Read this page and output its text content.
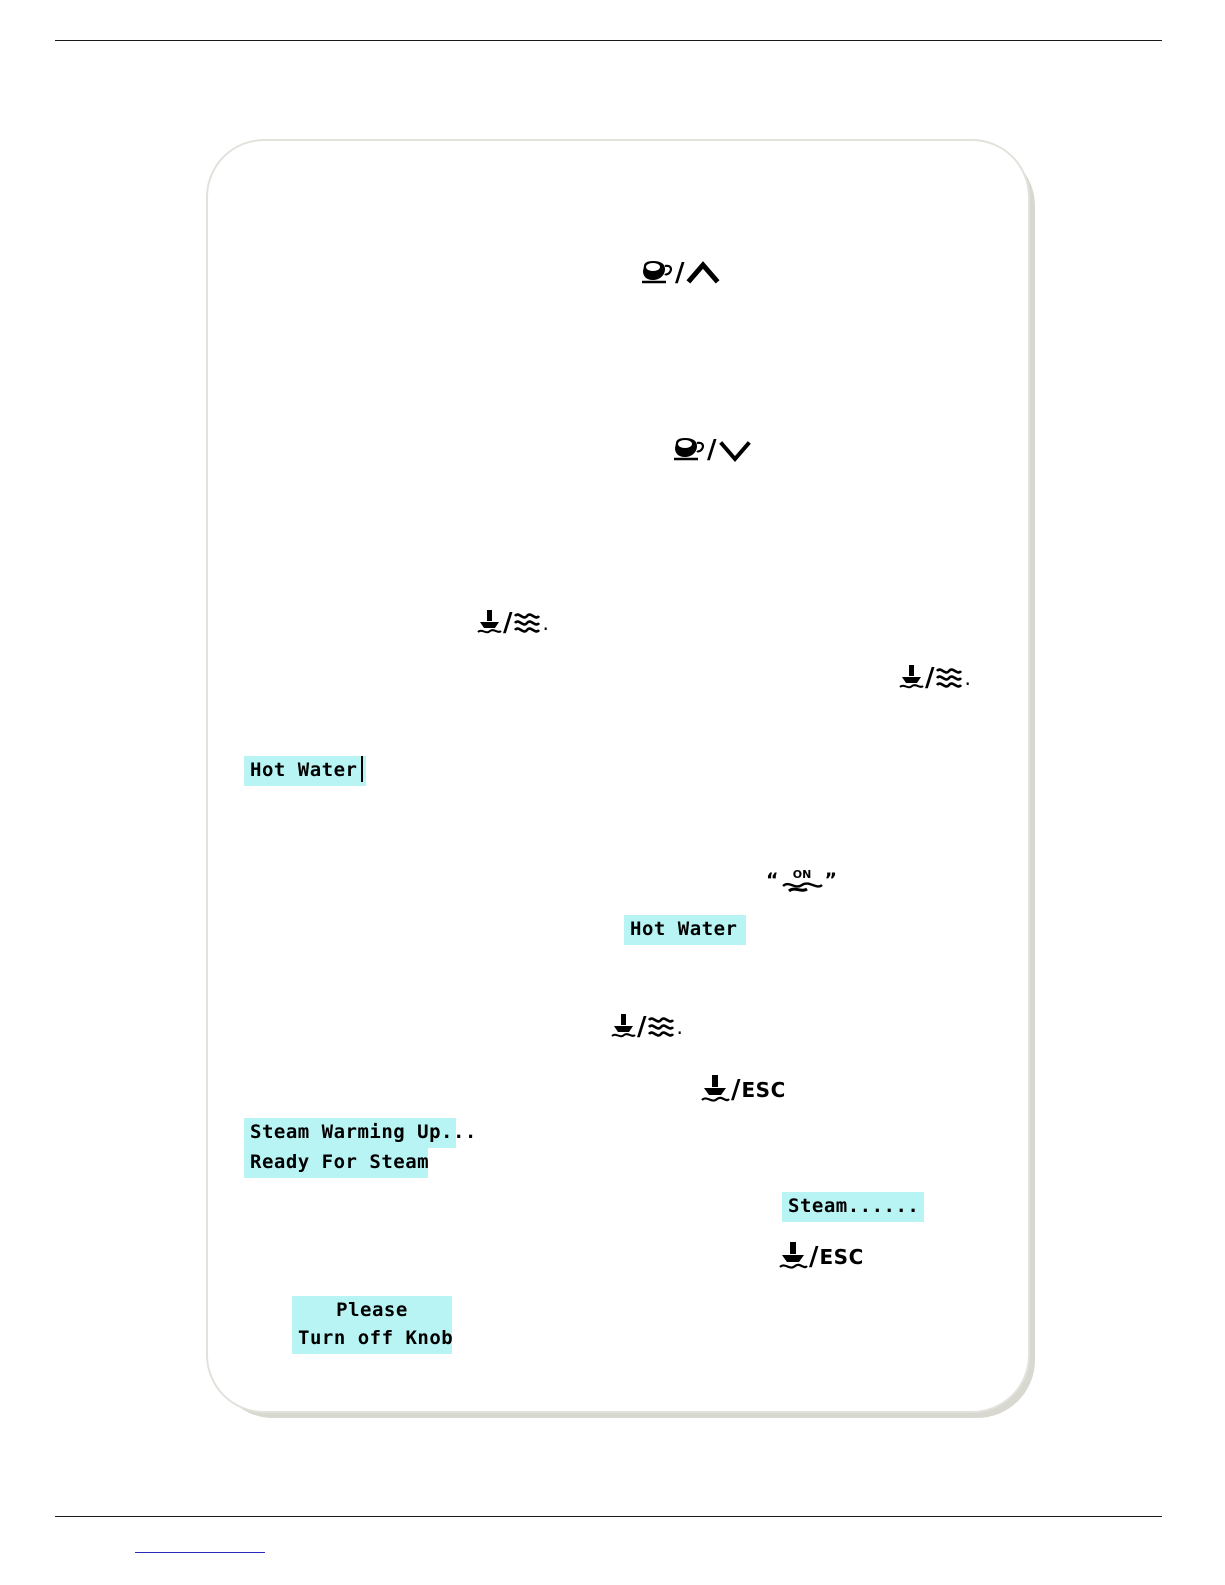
/
/
/ .
/ .
Hot Water
“ ON ”
Hot Water
/ .
/ ESC
Steam Warming Up...
Ready For Steam
Steam......
/ ESC
Please
Turn off Knob
